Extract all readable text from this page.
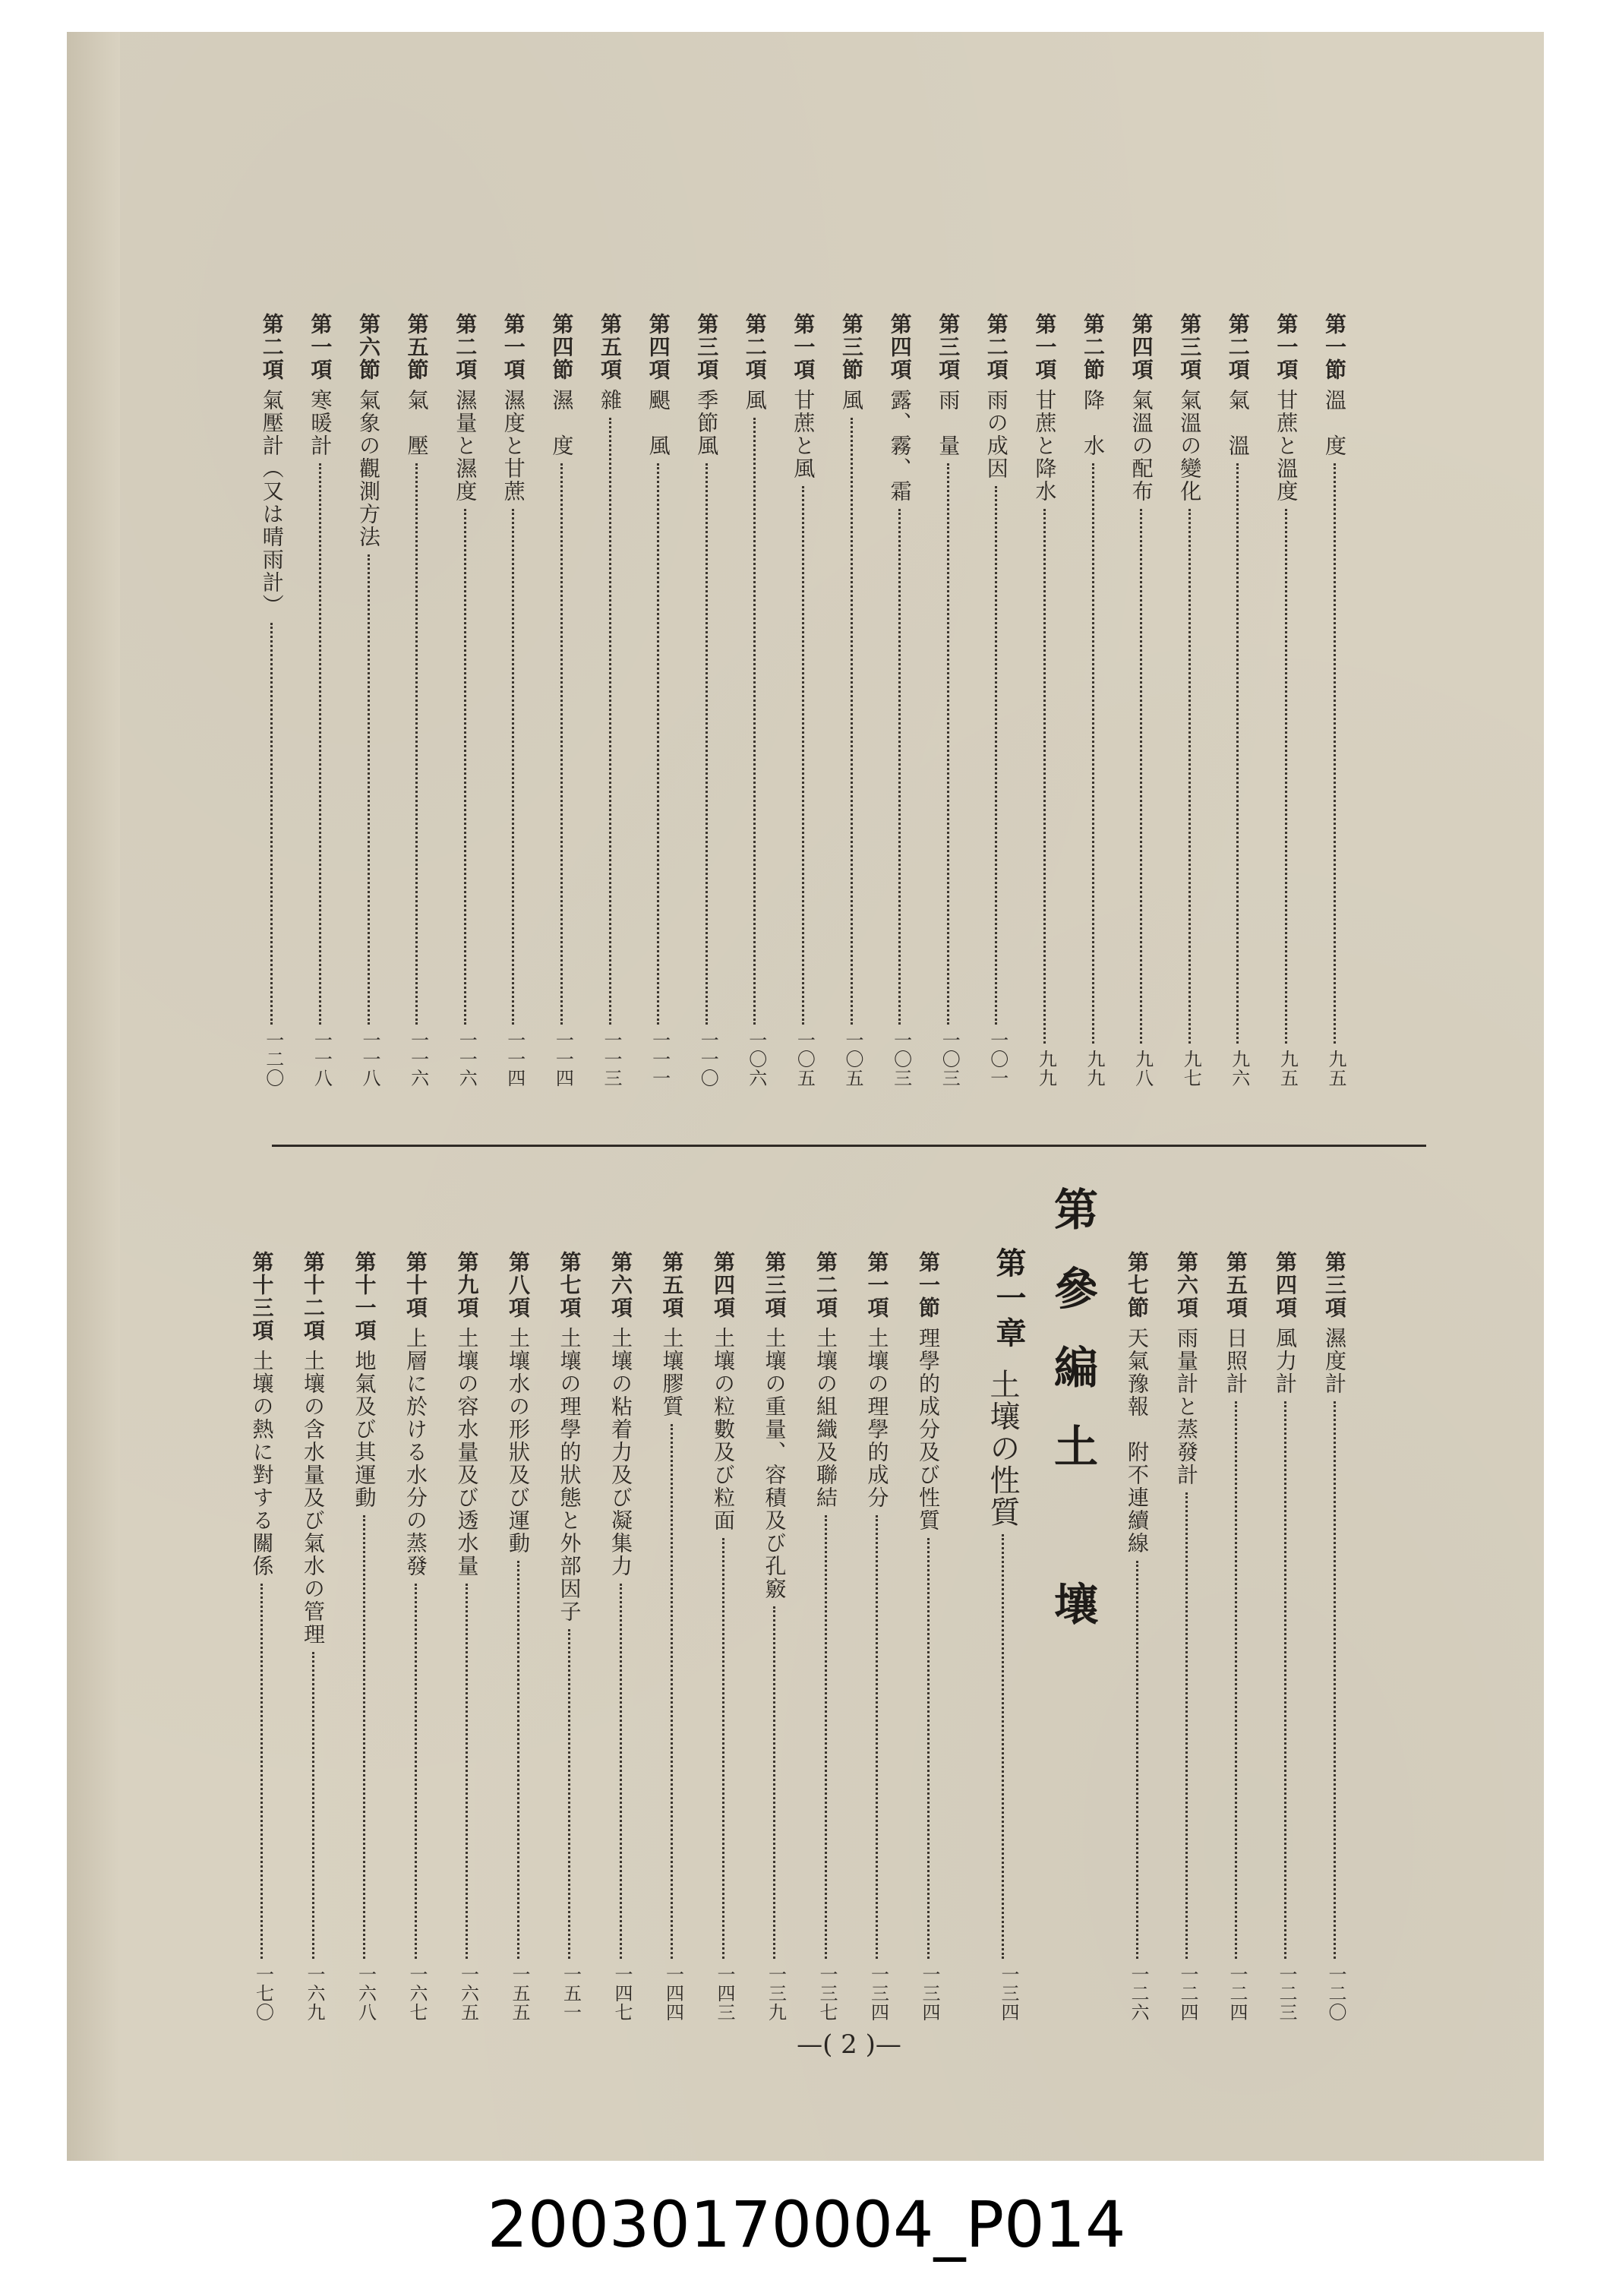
第一節
溫　度
九五
第一項
甘蔗と溫度
九五
第二項
氣　溫
九六
第三項
氣溫の變化
九七
第四項
氣溫の配布
九八
第二節
降　水
九九
第一項
甘蔗と降水
九九
第二項
雨の成因
一〇一
第三項
雨　量
一〇三
第四項
露、霧、霜
一〇三
第三節
風
一〇五
第一項
甘蔗と風
一〇五
第二項
風
一〇六
第三項
季節風
一一〇
第四項
颶　風
一一一
第五項
雜
一一三
第四節
濕　度
一一四
第一項
濕度と甘蔗
一一四
第二項
濕量と濕度
一一六
第五節
氣　壓
一一六
第六節
氣象の觀測方法
一一八
第一項
寒暖計
一一八
第二項
氣壓計（又は晴雨計）
一二〇
第參編土　壤
第一章
土壤の性質
一三四
第三項
濕度計
一二〇
第四項
風力計
一二三
第五項
日照計
一二四
第六項
雨量計と蒸發計
一二四
第七節
天氣豫報　附不連續線
一二六
第一節
理學的成分及び性質
一三四
第一項
土壤の理學的成分
一三四
第二項
土壤の組織及聯結
一三七
第三項
土壤の重量、容積及び孔竅
一三九
第四項
土壤の粒數及び粒面
一四三
第五項
土壤膠質
一四四
第六項
土壤の粘着力及び凝集力
一四七
第七項
土壤の理學的狀態と外部因子
一五一
第八項
土壤水の形狀及び運動
一五五
第九項
土壤の容水量及び透水量
一六五
第十項
上層に於ける水分の蒸發
一六七
第十一項
地氣及び其運動
一六八
第十二項
土壤の含水量及び氣水の管理
一六九
第十三項
土壤の熱に對する關係
一七〇
—( 2 )—
20030170004_P014
